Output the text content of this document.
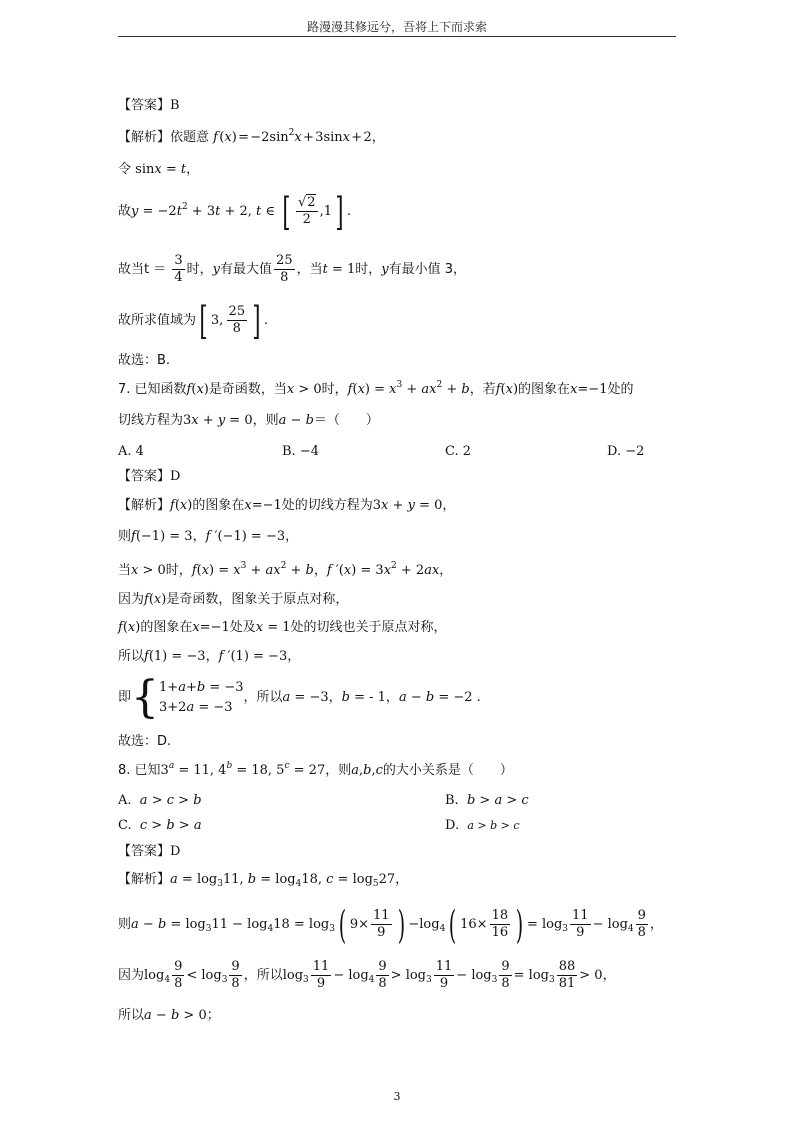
路漫漫其修远兮，吾将上下而求索
【答案】B
【解析】依题意 f (x) = $-2\sin^2x$ + 3sinx + 2，
令 sinx = t，
故$y = -2t^2 + 3t + 2$, t ∈ [ $\frac{√2}{2} ,1$] .
故当$t = \frac{3}{4}$ 时，y有最大值 $\frac{25}{8}$ ，当t = 1时，y有最小值 3，
故所求值域为[ 3,  $\frac{25}{8}$ ] .
故选：B.
7. 已知函数f(x)是奇函数，当x > 0时，$f(x) = x^3 + ax^2 + b$，若f(x)的图象在x=−1处的
切线方程为3x + y = 0，则a − b＝（　　）
A. 4	B. −4	C. 2	D. −2
【答案】D
【解析】f(x)的图象在x=−1处的切线方程为3x + y = 0，
则f(−1) = 3，f ′(−1) = −3，
当x > 0时，$f(x) = x^3 + ax^2 + b$，f $'(x) = 3x^2 + 2ax$，
因为f(x)是奇函数，图象关于原点对称，
f(x)的图象在x=−1处及x = 1处的切线也关于原点对称，
所以f(1) = −3，f ′(1) = −3，
即{1+a+b = −3
3+2a = −3，所以a = −3，b = - 1，a − b = −2 .
故选：D.
8. 已知$3^a = 11$, $4^b = 18$, $5^c = 27$，则a,b,c的大小关系是（　　）
A. a > c > b	B. b > a > c
C. c > b > a	D. a > b > c
【答案】D
【解析】$a = \log_311$, $b = \log_418$, $c = \log_527$，
则$a - b = \log_311 - \log_418 = \log_3$( $9\times \frac{11}{9}$ ) $-\log_4$( $16\times \frac{18}{16}$ ) = $\log_3 \frac{11}{9} - \log_4 \frac{9}{8}$ ，
因为$\log_4 \frac{9}{8} < \log_3 \frac{9}{8}$ ，所以$\log_3 \frac{11}{9} - \log_4 \frac{9}{8} > \log_3 \frac{11}{9} - \log_3 \frac{9}{8} = \log_3 \frac{88}{81} > 0$，
所以a − b > 0；
3
